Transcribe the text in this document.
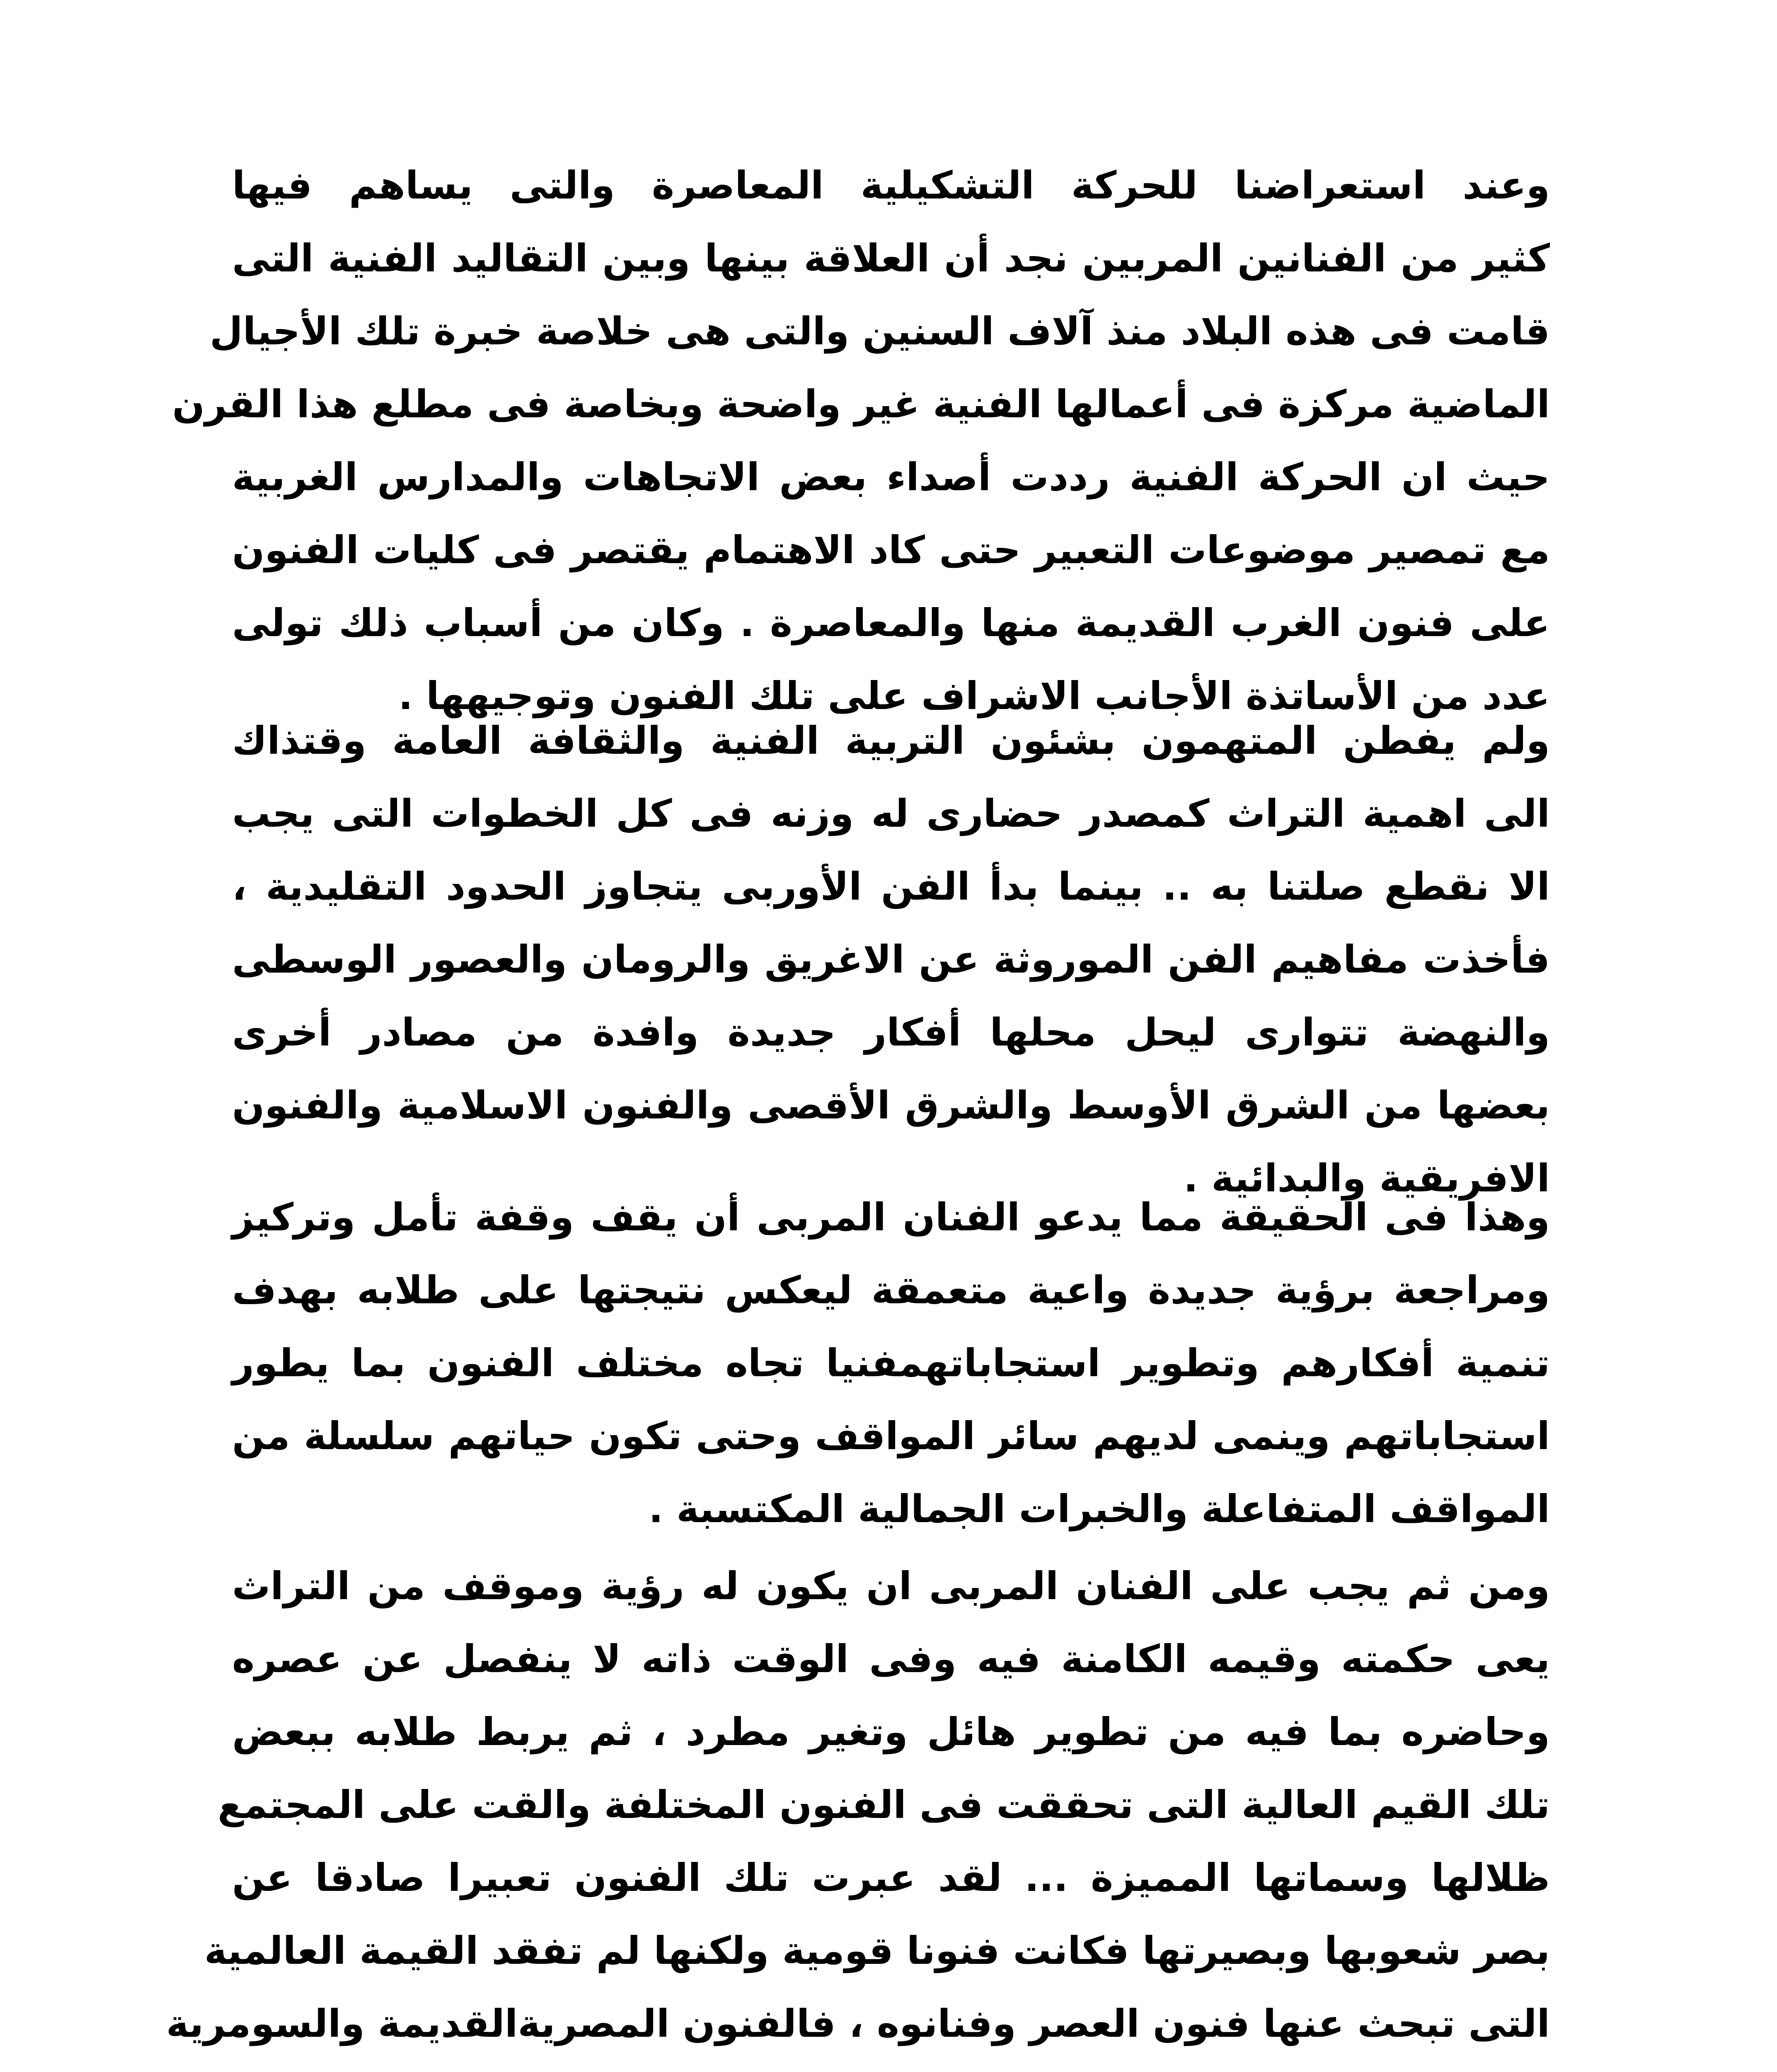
وعند استعراضنا للحركة التشكيلية المعاصرة والتى يساهم فيها
كثير من الفنانين المربين نجد أن العلاقة بينها وبين التقاليد الفنية التى
قامت فى هذه البلاد منذ آلاف السنين والتى هى خلاصة خبرة تلك الأجيال
الماضية مركزة فى أعمالها الفنية غير واضحة وبخاصة فى مطلع هذا القرن
حيث ان الحركة الفنية رددت أصداء بعض الاتجاهات والمدارس الغربية
مع تمصير موضوعات التعبير حتى كاد الاهتمام يقتصر فى كليات الفنون
على فنون الغرب القديمة منها والمعاصرة . وكان من أسباب ذلك تولى
عدد من الأساتذة الأجانب الاشراف على تلك الفنون وتوجيهها .
ولم يفطن المتهمون بشئون التربية الفنية والثقافة العامة وقتذاك
الى اهمية التراث كمصدر حضارى له وزنه فى كل الخطوات التى يجب
الا نقطع صلتنا به .. بينما بدأ الفن الأوربى يتجاوز الحدود التقليدية ،
فأخذت مفاهيم الفن الموروثة عن الاغريق والرومان والعصور الوسطى
والنهضة تتوارى ليحل محلها أفكار جديدة وافدة من مصادر أخرى
بعضها من الشرق الأوسط والشرق الأقصى والفنون الاسلامية والفنون
الافريقية والبدائية .
وهذا فى الحقيقة مما يدعو الفنان المربى أن يقف وقفة تأمل وتركيز
ومراجعة برؤية جديدة واعية متعمقة ليعكس نتيجتها على طلابه بهدف
تنمية أفكارهم وتطوير استجاباتهمفنيا تجاه مختلف الفنون بما يطور
استجاباتهم وينمى لديهم سائر المواقف وحتى تكون حياتهم سلسلة من
المواقف المتفاعلة والخبرات الجمالية المكتسبة .
ومن ثم يجب على الفنان المربى ان يكون له رؤية وموقف من التراث
يعى حكمته وقيمه الكامنة فيه وفى الوقت ذاته لا ينفصل عن عصره
وحاضره بما فيه من تطوير هائل وتغير مطرد ، ثم يربط طلابه ببعض
تلك القيم العالية التى تحققت فى الفنون المختلفة والقت على المجتمع
ظلالها وسماتها المميزة ... لقد عبرت تلك الفنون تعبيرا صادقا عن
بصر شعوبها وبصيرتها فكانت فنونا قومية ولكنها لم تفقد القيمة العالمية
التى تبحث عنها فنون العصر وفنانوه ، فالفنون المصريةالقديمة والسومرية
